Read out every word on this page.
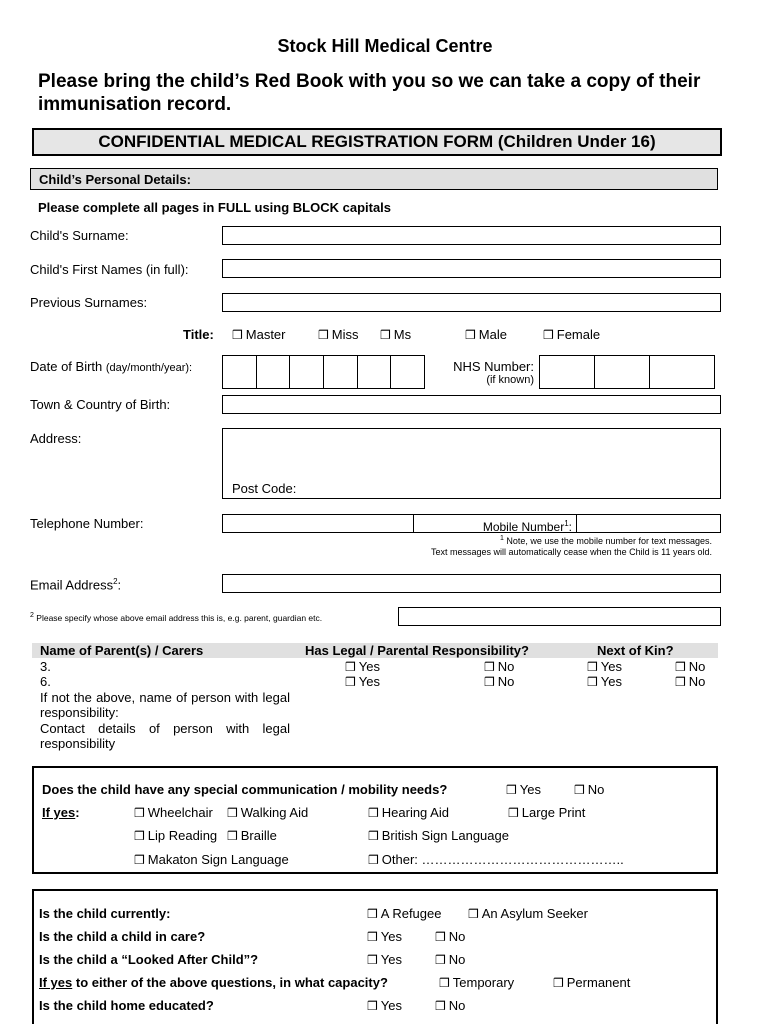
Stock Hill Medical Centre
Please bring the child’s Red Book with you so we can take a copy of their immunisation record.
CONFIDENTIAL MEDICAL REGISTRATION FORM (Children Under 16)
Child’s Personal Details:
Please complete all pages in FULL using BLOCK capitals
Child's Surname:
Child's First Names (in full):
Previous Surnames:
Title: ❒ Master	❒ Miss ❒ Ms	❒ Male	❒ Female
Date of Birth (day/month/year):	NHS Number:
(if known)
Town & Country of Birth:
Address:
Post Code:
Telephone Number:	Mobile Number$^1$:
$^1$ Note, we use the mobile number for text messages.
Text messages will automatically cease when the Child is 11 years old.
Email Address$^2$:
$^2$ Please specify whose above email address this is, e.g. parent, guardian etc.
Name of Parent(s) / Carers	Has Legal / Parental Responsibility?	Next of Kin?
3.	❒ Yes	❒ No	❒ Yes	❒ No
6.	❒ Yes	❒ No	❒ Yes	❒ No
If not the above, name of person with legal responsibility:
Contact details of person with legal responsibility
Does the child have any special communication / mobility needs?	❒ Yes	❒ No
If yes:	❒ Wheelchair ❒ Walking Aid	❒ Hearing Aid	❒ Large Print
❒ Lip Reading ❒ Braille	❒ British Sign Language
❒ Makaton Sign Language	❒ Other: ………………………………………..
Is the child currently:	❒ A Refugee ❒ An Asylum Seeker
Is the child a child in care?	❒ Yes	❒ No
Is the child a “Looked After Child”?	❒ Yes	❒ No
If yes to either of the above questions, in what capacity?	❒ Temporary	❒ Permanent
Is the child home educated?	❒ Yes	❒ No
